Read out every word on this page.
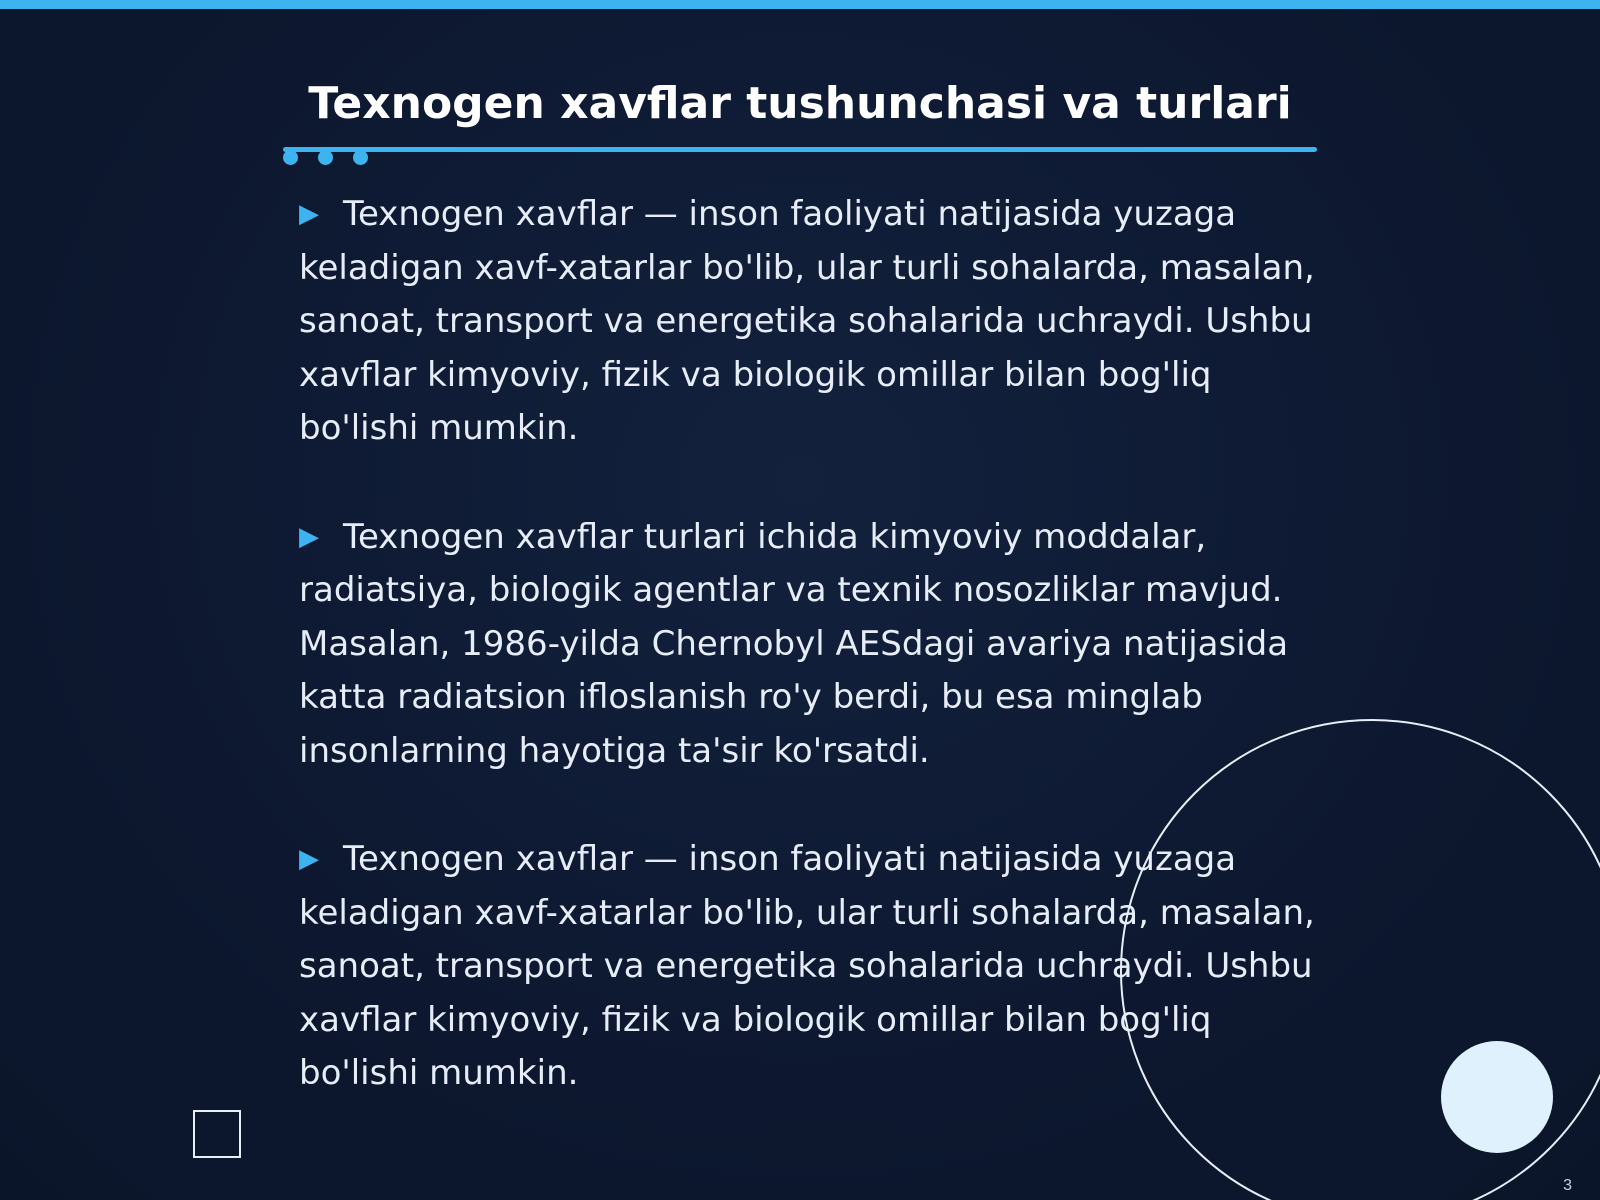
Texnogen xavflar tushunchasi va turlari

▶ Texnogen xavflar — inson faoliyati natijasida yuzaga keladigan xavf-xatarlar bo'lib, ular turli sohalarda, masalan, sanoat, transport va energetika sohalarida uchraydi. Ushbu xavflar kimyoviy, fizik va biologik omillar bilan bog'liq bo'lishi mumkin.

▶ Texnogen xavflar turlari ichida kimyoviy moddalar, radiatsiya, biologik agentlar va texnik nosozliklar mavjud. Masalan, 1986-yilda Chernobyl AESdagi avariya natijasida katta radiatsion ifloslanish ro'y berdi, bu esa minglab insonlarning hayotiga ta'sir ko'rsatdi.

▶ Texnogen xavflar — inson faoliyati natijasida yuzaga keladigan xavf-xatarlar bo'lib, ular turli sohalarda, masalan, sanoat, transport va energetika sohalarida uchraydi. Ushbu xavflar kimyoviy, fizik va biologik omillar bilan bog'liq bo'lishi mumkin.

3
